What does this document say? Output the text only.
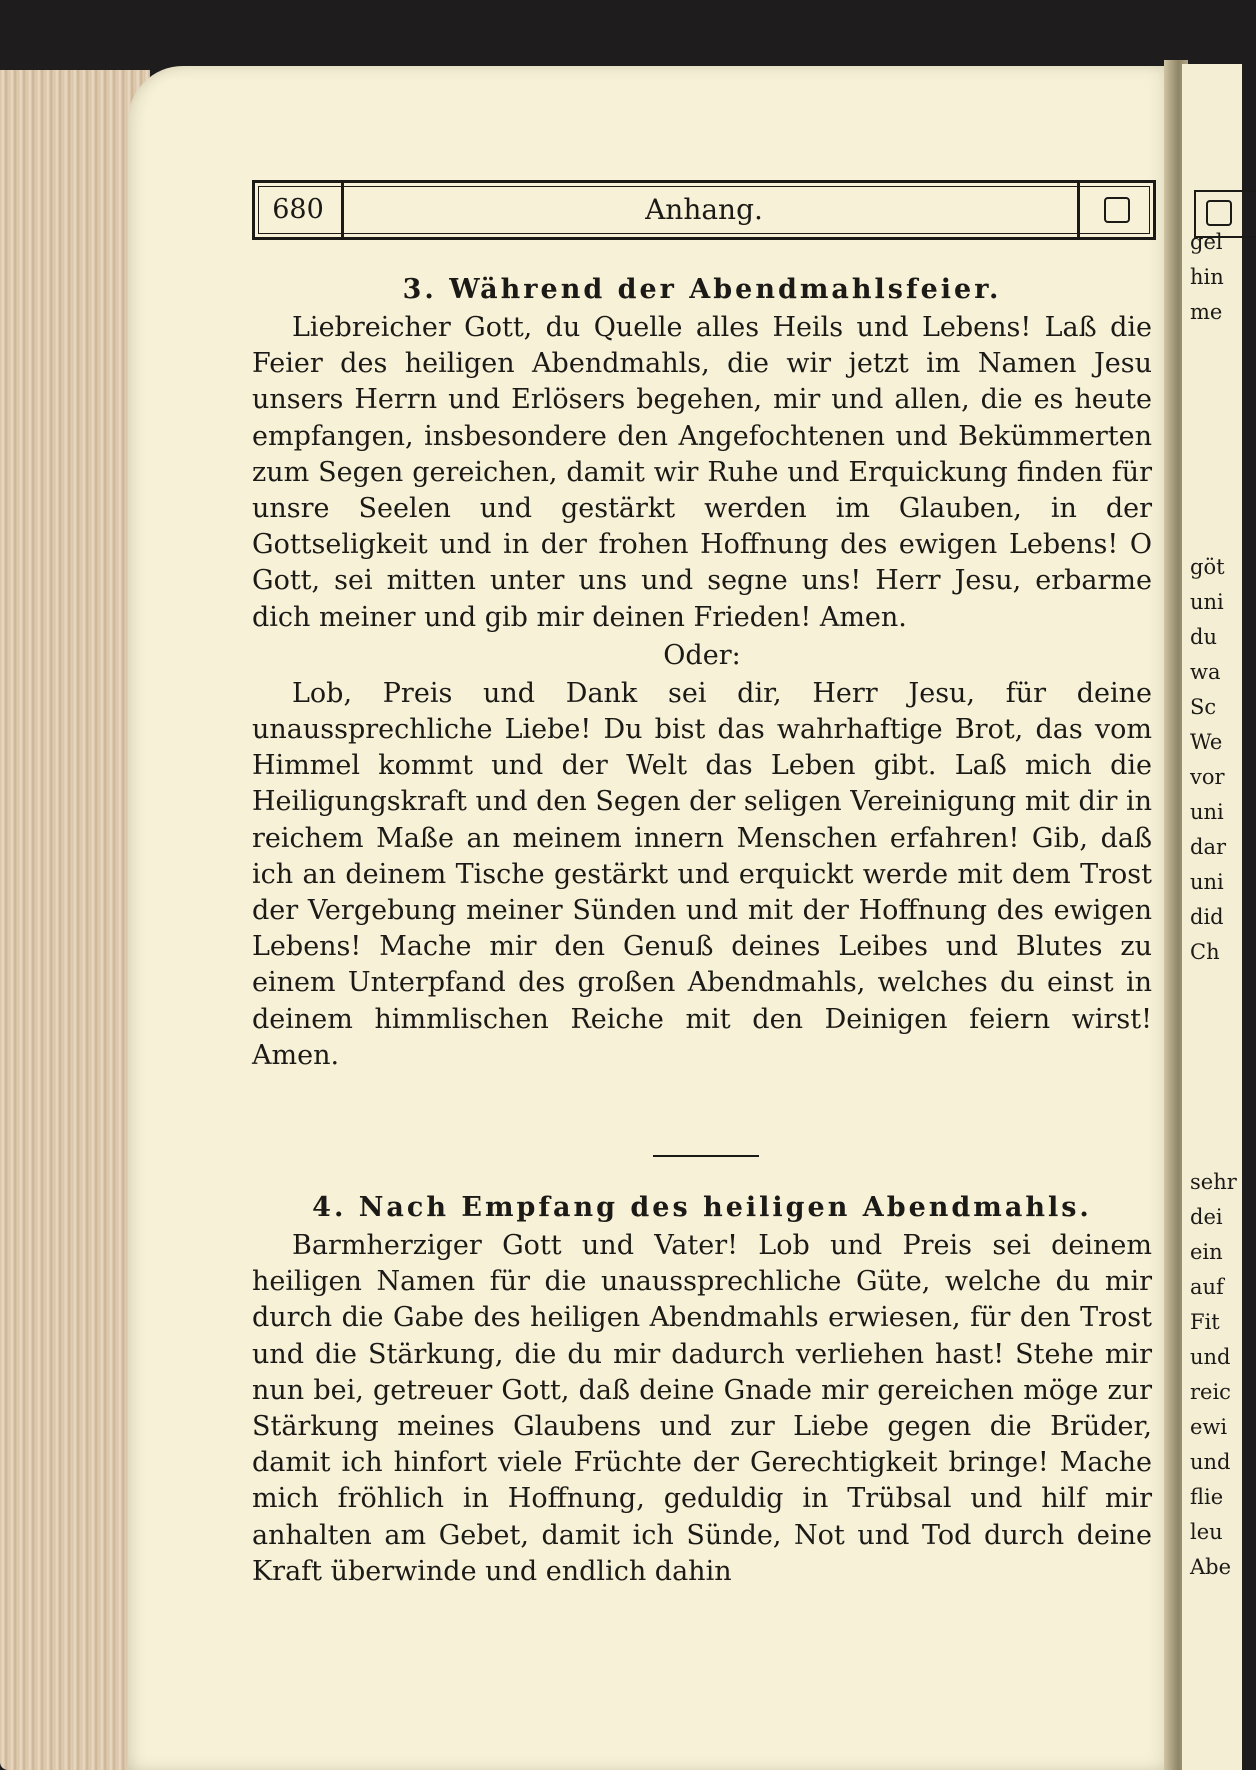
gel
hin
me
göt
uni
du
wa
Sc
We
vor
uni
dar
uni
did
Ch
sehr
dei
ein
auf
Fit
und
reic
ewi
und
flie
leu
Abe
680	Anhang.
3. Während der Abendmahlsfeier.

Liebreicher Gott, du Quelle alles Heils und Lebens! Laß die Feier des heiligen Abendmahls, die wir jetzt im Namen Jesu unsers Herrn und Erlösers begehen, mir und allen, die es heute empfangen, insbesondere den Angefochtenen und Bekümmerten zum Segen gereichen, damit wir Ruhe und Erquickung finden für unsre Seelen und gestärkt werden im Glauben, in der Gottseligkeit und in der frohen Hoffnung des ewigen Lebens! O Gott, sei mitten unter uns und segne uns! Herr Jesu, erbarme dich meiner und gib mir deinen Frieden! Amen.

Oder:

Lob, Preis und Dank sei dir, Herr Jesu, für deine unaussprechliche Liebe! Du bist das wahrhaftige Brot, das vom Himmel kommt und der Welt das Leben gibt. Laß mich die Heiligungskraft und den Segen der seligen Vereinigung mit dir in reichem Maße an meinem innern Menschen erfahren! Gib, daß ich an deinem Tische gestärkt und erquickt werde mit dem Trost der Vergebung meiner Sünden und mit der Hoffnung des ewigen Lebens! Mache mir den Genuß deines Leibes und Blutes zu einem Unterpfand des großen Abendmahls, welches du einst in deinem himmlischen Reiche mit den Deinigen feiern wirst! Amen.

4. Nach Empfang des heiligen Abendmahls.

Barmherziger Gott und Vater! Lob und Preis sei deinem heiligen Namen für die unaussprechliche Güte, welche du mir durch die Gabe des heiligen Abendmahls erwiesen, für den Trost und die Stärkung, die du mir dadurch verliehen hast! Stehe mir nun bei, getreuer Gott, daß deine Gnade mir gereichen möge zur Stärkung meines Glaubens und zur Liebe gegen die Brüder, damit ich hinfort viele Früchte der Gerechtigkeit bringe! Mache mich fröhlich in Hoffnung, geduldig in Trübsal und hilf mir anhalten am Gebet, damit ich Sünde, Not und Tod durch deine Kraft überwinde und endlich dahin
